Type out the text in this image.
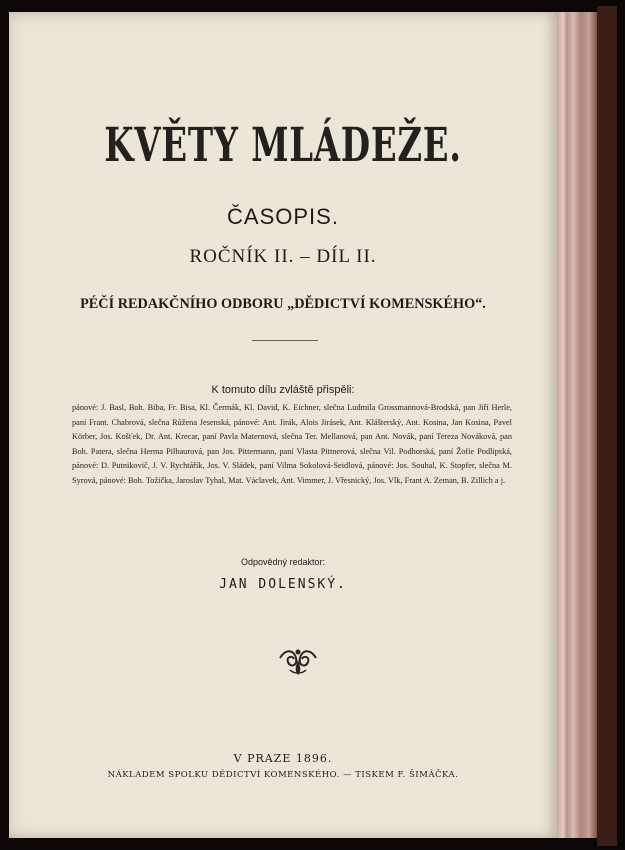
KVĚTY MLÁDEŽE.
ČASOPIS.
ROČNÍK II. – DÍL II.
PÉČÍ REDAKČNÍHO ODBORU „DĚDICTVÍ KOMENSKÉHO“.
K tomuto dílu zvláště přispěli:
pánové: J. Basl, Boh. Biba, Fr. Bisa, Kl. Čermák, Kl. David, K. Eichner, slečna Ludmila Grossmannová-Brodská, pan Jiří Herle, paní Frant. Chabrová, slečna Růžena Jesenská, pánové: Ant. Jirák, Alois Jirásek, Ant. Klášterský, Ant. Kosina, Jan Kosina, Pavel Körber, Jos. Košťek, Dr. Ant. Krecar, paní Pavla Maternová, slečna Ter. Mellanová, pan Ant. Novák, paní Tereza Nováková, pan Boh. Patera, slečna Herma Pilbaurová, pan Jos. Pittermann, paní Vlasta Pittnerová, slečna Vil. Podhorská, paní Žofie Podlipská, pánové: D. Putnikovič, J. V. Rychtářík, Jos. V. Sládek, paní Vilma Sokolová-Seidlová, pánové: Jos. Souhal, K. Stopfer, slečna M. Syrová, pánové: Boh. Tožička, Jaroslav Tyhal, Mat. Václavek, Ant. Vimmer, J. Vřesnický, Jos. Vlk, Frant A. Zeman, B. Zillich a j.
Odpovědný redaktor:
JAN DOLENSKÝ.
V PRAZE 1896.
NÁKLADEM SPOLKU DĚDICTVÍ KOMENSKÉHO. — TISKEM F. ŠIMÁČKA.
